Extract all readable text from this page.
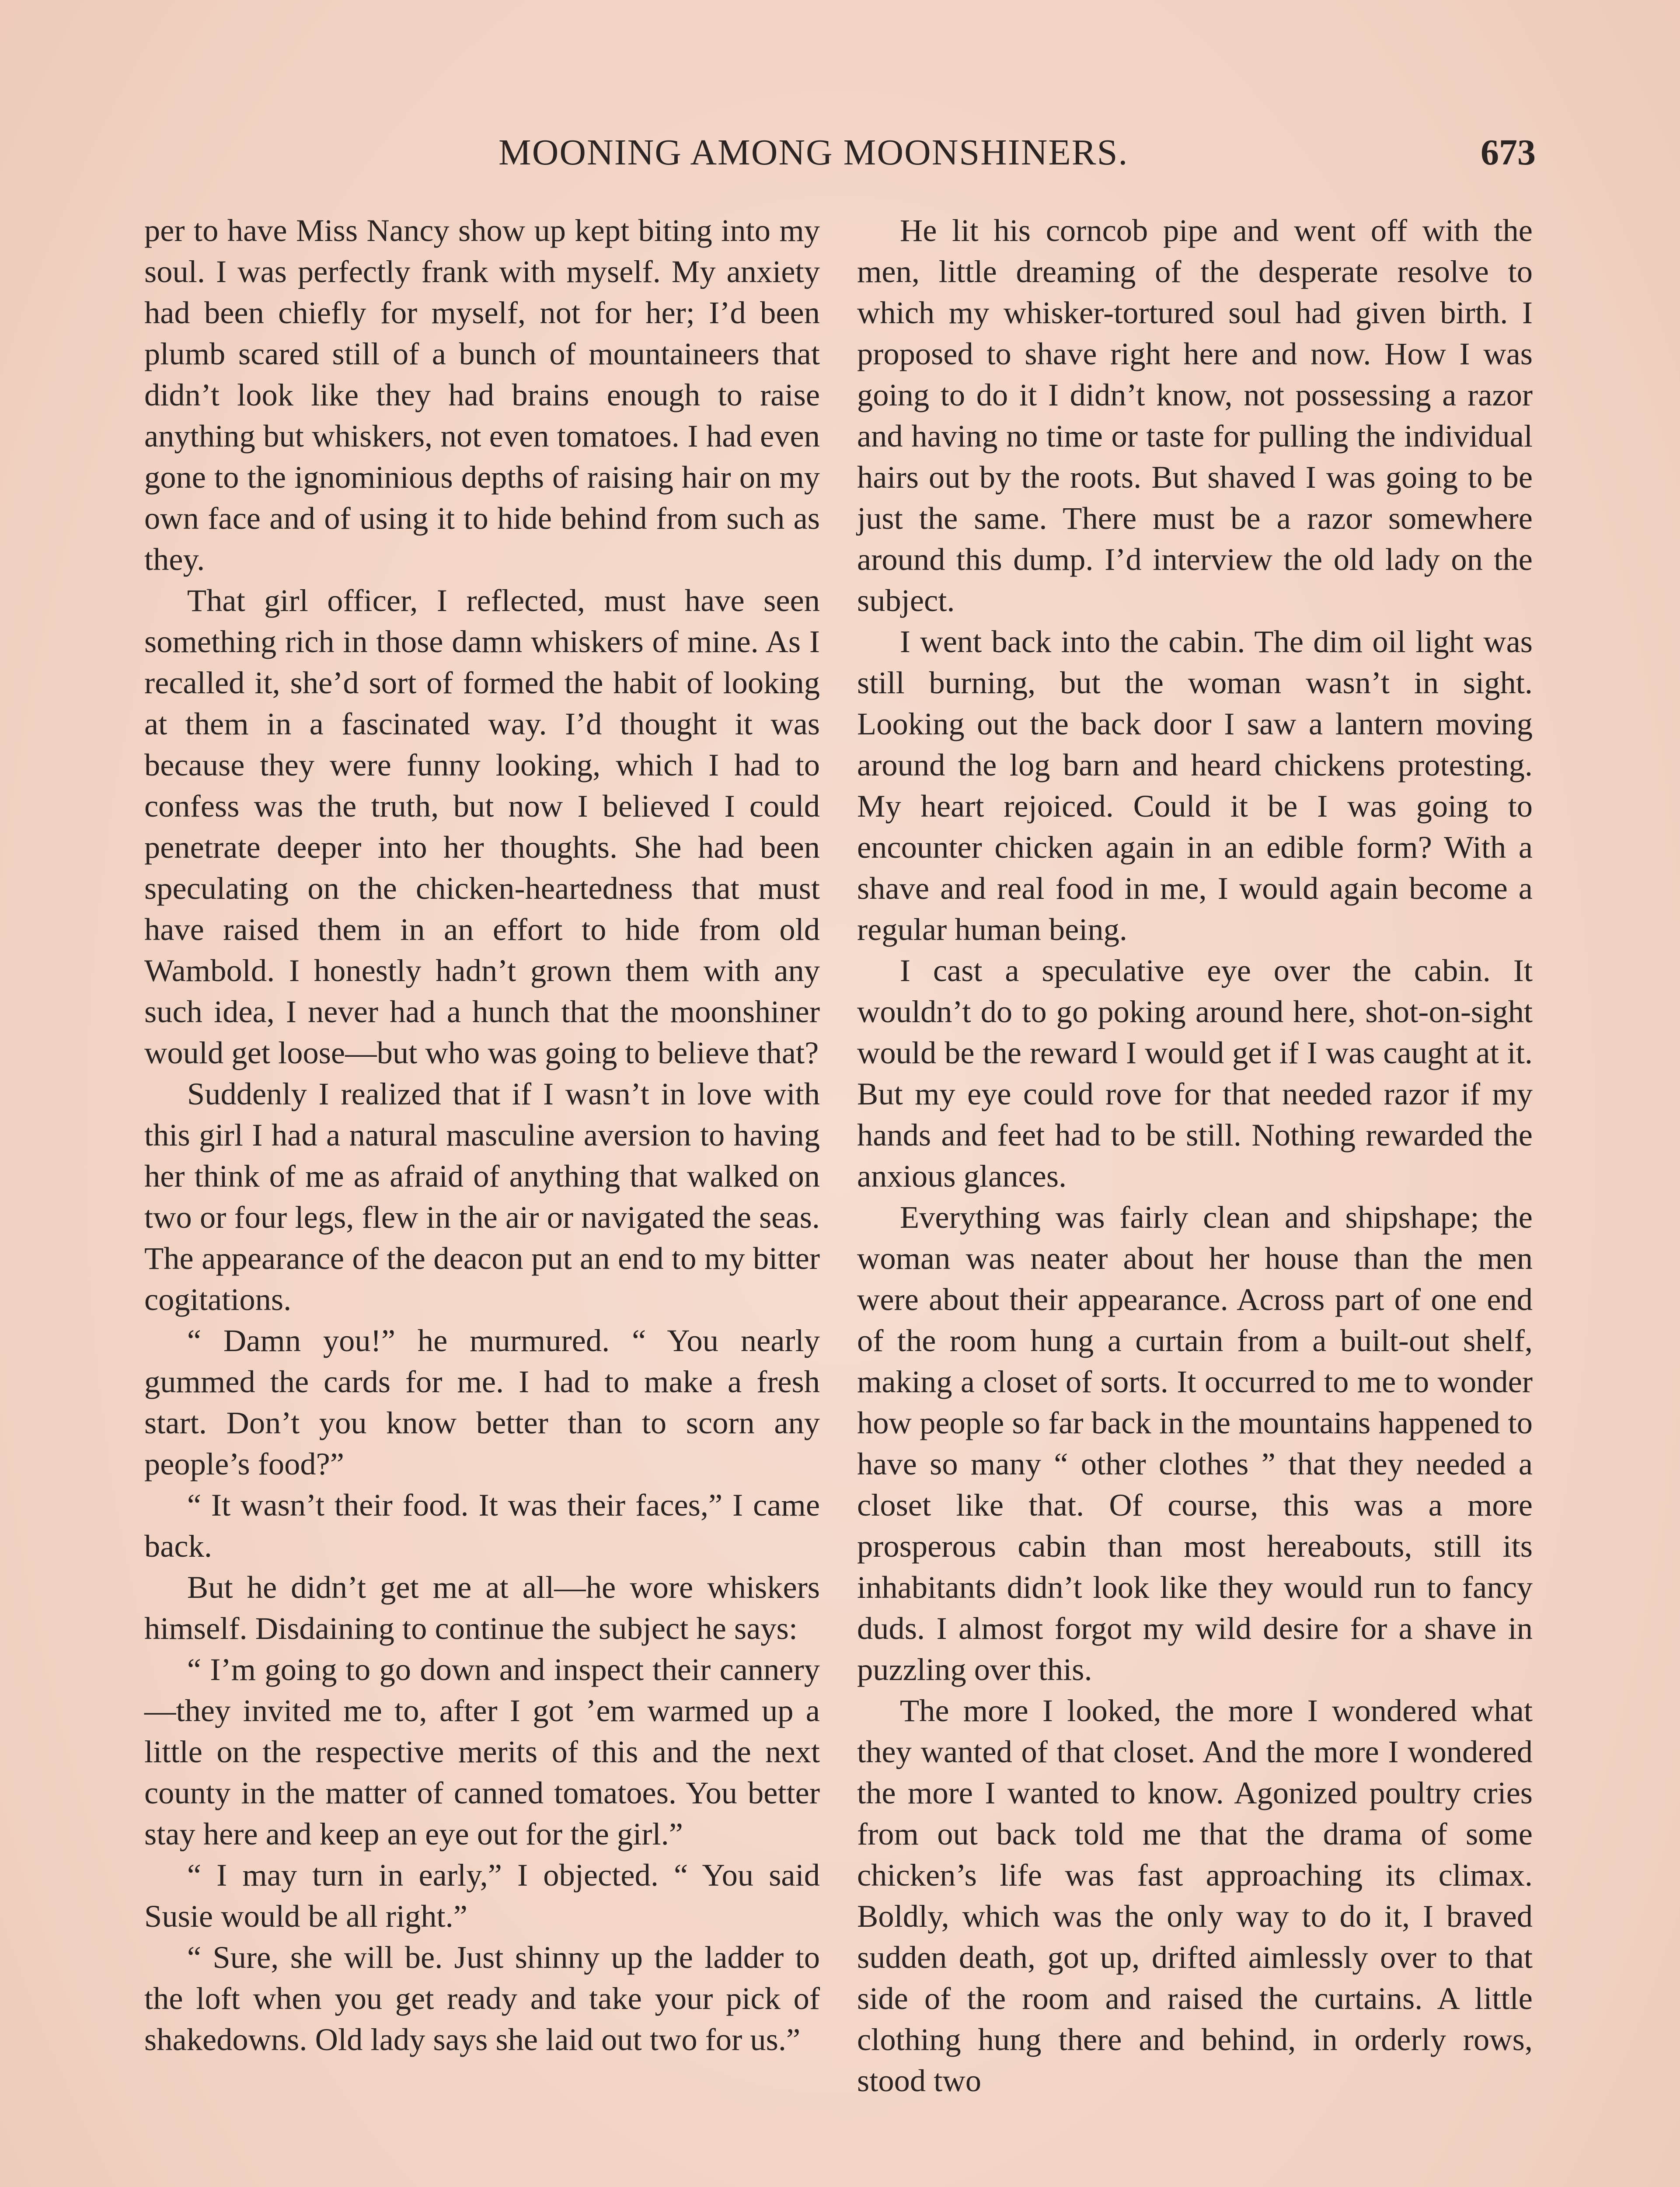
MOONING AMONG MOONSHINERS.	673

per to have Miss Nancy show up kept biting into my soul. I was perfectly frank with myself. My anxiety had been chiefly for myself, not for her; I’d been plumb scared still of a bunch of mountaineers that didn’t look like they had brains enough to raise anything but whiskers, not even tomatoes. I had even gone to the ignominious depths of raising hair on my own face and of using it to hide behind from such as they.

That girl officer, I reflected, must have seen something rich in those damn whiskers of mine. As I recalled it, she’d sort of formed the habit of looking at them in a fascinated way. I’d thought it was because they were funny looking, which I had to confess was the truth, but now I believed I could penetrate deeper into her thoughts. She had been speculating on the chicken-heartedness that must have raised them in an effort to hide from old Wambold. I honestly hadn’t grown them with any such idea, I never had a hunch that the moonshiner would get loose—but who was going to believe that?

Suddenly I realized that if I wasn’t in love with this girl I had a natural masculine aversion to having her think of me as afraid of anything that walked on two or four legs, flew in the air or navigated the seas. The appearance of the deacon put an end to my bitter cogitations.

“ Damn you!” he murmured. “ You nearly gummed the cards for me. I had to make a fresh start. Don’t you know better than to scorn any people’s food?”

“ It wasn’t their food. It was their faces,” I came back.

But he didn’t get me at all—he wore whiskers himself. Disdaining to continue the subject he says:

“ I’m going to go down and inspect their cannery—they invited me to, after I got ’em warmed up a little on the respective merits of this and the next county in the matter of canned tomatoes. You better stay here and keep an eye out for the girl.”

“ I may turn in early,” I objected. “ You said Susie would be all right.”

“ Sure, she will be. Just shinny up the ladder to the loft when you get ready and take your pick of shakedowns. Old lady says she laid out two for us.”

He lit his corncob pipe and went off with the men, little dreaming of the desperate resolve to which my whisker-tortured soul had given birth. I proposed to shave right here and now. How I was going to do it I didn’t know, not possessing a razor and having no time or taste for pulling the individual hairs out by the roots. But shaved I was going to be just the same. There must be a razor somewhere around this dump. I’d interview the old lady on the subject.

I went back into the cabin. The dim oil light was still burning, but the woman wasn’t in sight. Looking out the back door I saw a lantern moving around the log barn and heard chickens protesting. My heart rejoiced. Could it be I was going to encounter chicken again in an edible form? With a shave and real food in me, I would again become a regular human being.

I cast a speculative eye over the cabin. It wouldn’t do to go poking around here, shot-on-sight would be the reward I would get if I was caught at it. But my eye could rove for that needed razor if my hands and feet had to be still. Nothing rewarded the anxious glances.

Everything was fairly clean and shipshape; the woman was neater about her house than the men were about their appearance. Across part of one end of the room hung a curtain from a built-out shelf, making a closet of sorts. It occurred to me to wonder how people so far back in the mountains happened to have so many “ other clothes ” that they needed a closet like that. Of course, this was a more prosperous cabin than most hereabouts, still its inhabitants didn’t look like they would run to fancy duds. I almost forgot my wild desire for a shave in puzzling over this.

The more I looked, the more I wondered what they wanted of that closet. And the more I wondered the more I wanted to know. Agonized poultry cries from out back told me that the drama of some chicken’s life was fast approaching its climax. Boldly, which was the only way to do it, I braved sudden death, got up, drifted aimlessly over to that side of the room and raised the curtains. A little clothing hung there and behind, in orderly rows, stood two
